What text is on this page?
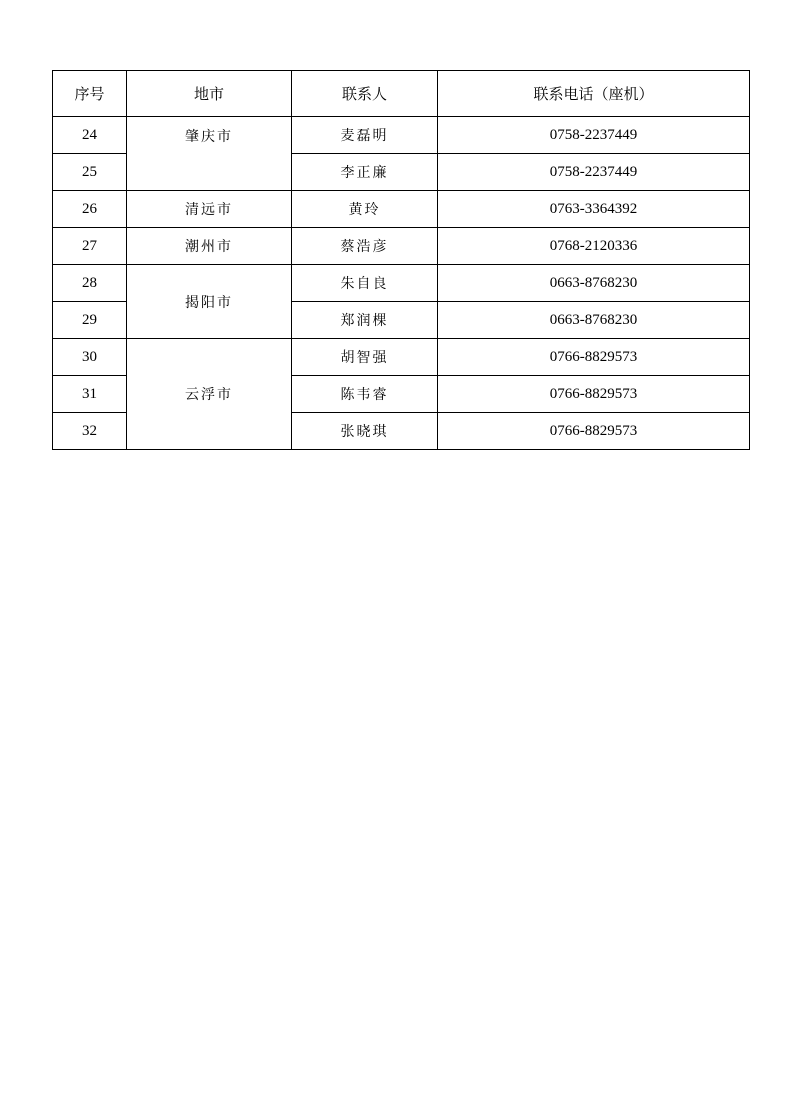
序号	地市	联系人	联系电话（座机）
24	肇庆市	麦磊明	0758-2237449
25		李正廉	0758-2237449
26	清远市	黄玲	0763-3364392
27	潮州市	蔡浩彦	0768-2120336
28	揭阳市	朱自良	0663-8768230
29		郑润棵	0663-8768230
30	云浮市	胡智强	0766-8829573
31		陈韦睿	0766-8829573
32		张晓琪	0766-8829573
